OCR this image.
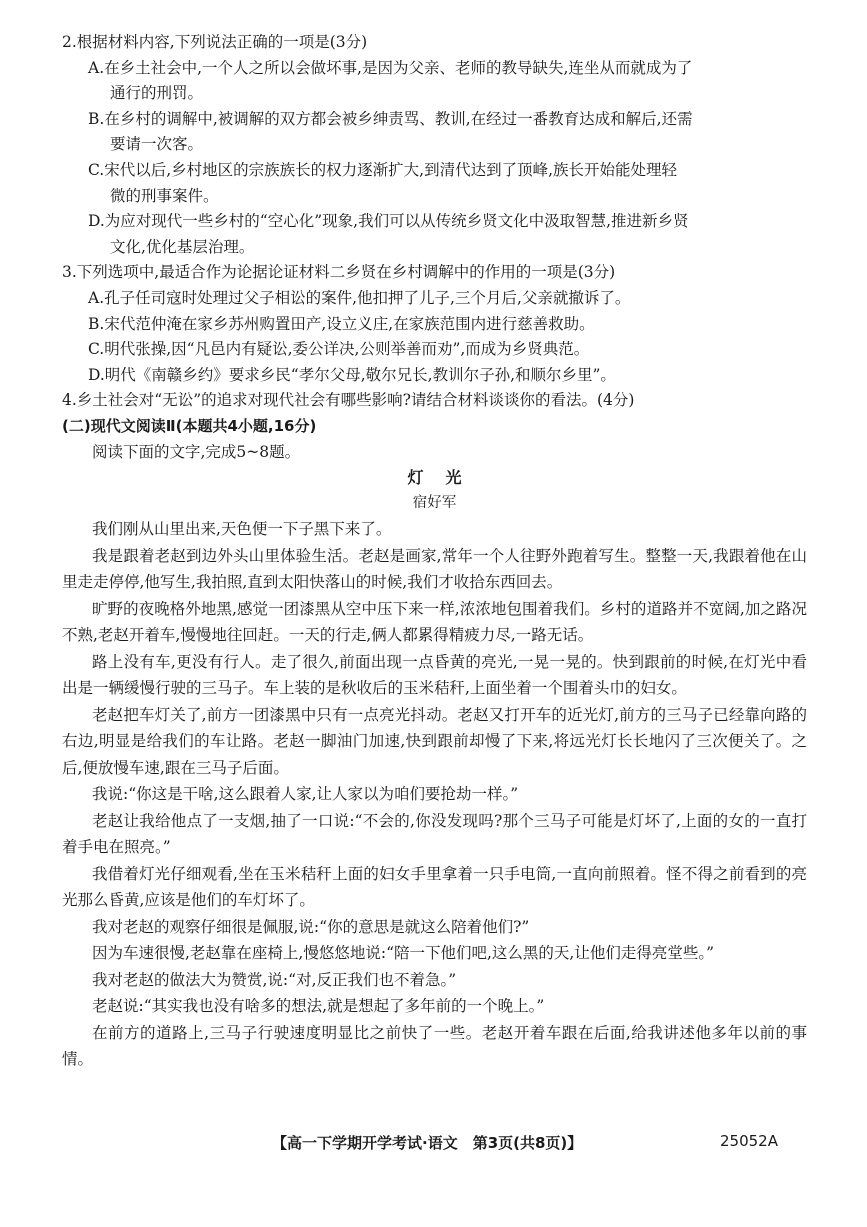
2.根据材料内容,下列说法正确的一项是(3分)
A.在乡土社会中,一个人之所以会做坏事,是因为父亲、老师的教导缺失,连坐从而就成为了
通行的刑罚。
B.在乡村的调解中,被调解的双方都会被乡绅责骂、教训,在经过一番教育达成和解后,还需
要请一次客。
C.宋代以后,乡村地区的宗族族长的权力逐渐扩大,到清代达到了顶峰,族长开始能处理轻
微的刑事案件。
D.为应对现代一些乡村的“空心化”现象,我们可以从传统乡贤文化中汲取智慧,推进新乡贤
文化,优化基层治理。
3.下列选项中,最适合作为论据论证材料二乡贤在乡村调解中的作用的一项是(3分)
A.孔子任司寇时处理过父子相讼的案件,他扣押了儿子,三个月后,父亲就撤诉了。
B.宋代范仲淹在家乡苏州购置田产,设立义庄,在家族范围内进行慈善救助。
C.明代张操,因“凡邑内有疑讼,委公详决,公则举善而劝”,而成为乡贤典范。
D.明代《南赣乡约》要求乡民“孝尔父母,敬尔兄长,教训尔子孙,和顺尔乡里”。
4.乡土社会对“无讼”的追求对现代社会有哪些影响?请结合材料谈谈你的看法。(4分)
(二)现代文阅读Ⅱ(本题共4小题,16分)
阅读下面的文字,完成5~8题。
灯 光
宿好军
我们刚从山里出来,天色便一下子黑下来了。
我是跟着老赵到边外头山里体验生活。老赵是画家,常年一个人往野外跑着写生。整整一天,我跟着他在山里走走停停,他写生,我拍照,直到太阳快落山的时候,我们才收拾东西回去。
旷野的夜晚格外地黑,感觉一团漆黑从空中压下来一样,浓浓地包围着我们。乡村的道路并不宽阔,加之路况不熟,老赵开着车,慢慢地往回赶。一天的行走,俩人都累得精疲力尽,一路无话。
路上没有车,更没有行人。走了很久,前面出现一点昏黄的亮光,一晃一晃的。快到跟前的时候,在灯光中看出是一辆缓慢行驶的三马子。车上装的是秋收后的玉米秸秆,上面坐着一个围着头巾的妇女。
老赵把车灯关了,前方一团漆黑中只有一点亮光抖动。老赵又打开车的近光灯,前方的三马子已经靠向路的右边,明显是给我们的车让路。老赵一脚油门加速,快到跟前却慢了下来,将远光灯长长地闪了三次便关了。之后,便放慢车速,跟在三马子后面。
我说:“你这是干啥,这么跟着人家,让人家以为咱们要抢劫一样。”
老赵让我给他点了一支烟,抽了一口说:“不会的,你没发现吗?那个三马子可能是灯坏了,上面的女的一直打着手电在照亮。”
我借着灯光仔细观看,坐在玉米秸秆上面的妇女手里拿着一只手电筒,一直向前照着。怪不得之前看到的亮光那么昏黄,应该是他们的车灯坏了。
我对老赵的观察仔细很是佩服,说:“你的意思是就这么陪着他们?”
因为车速很慢,老赵靠在座椅上,慢悠悠地说:“陪一下他们吧,这么黑的天,让他们走得亮堂些。”
我对老赵的做法大为赞赏,说:“对,反正我们也不着急。”
老赵说:“其实我也没有啥多的想法,就是想起了多年前的一个晚上。”
在前方的道路上,三马子行驶速度明显比之前快了一些。老赵开着车跟在后面,给我讲述他多年以前的事情。
【高一下学期开学考试·语文　第3页(共8页)】	25052A
